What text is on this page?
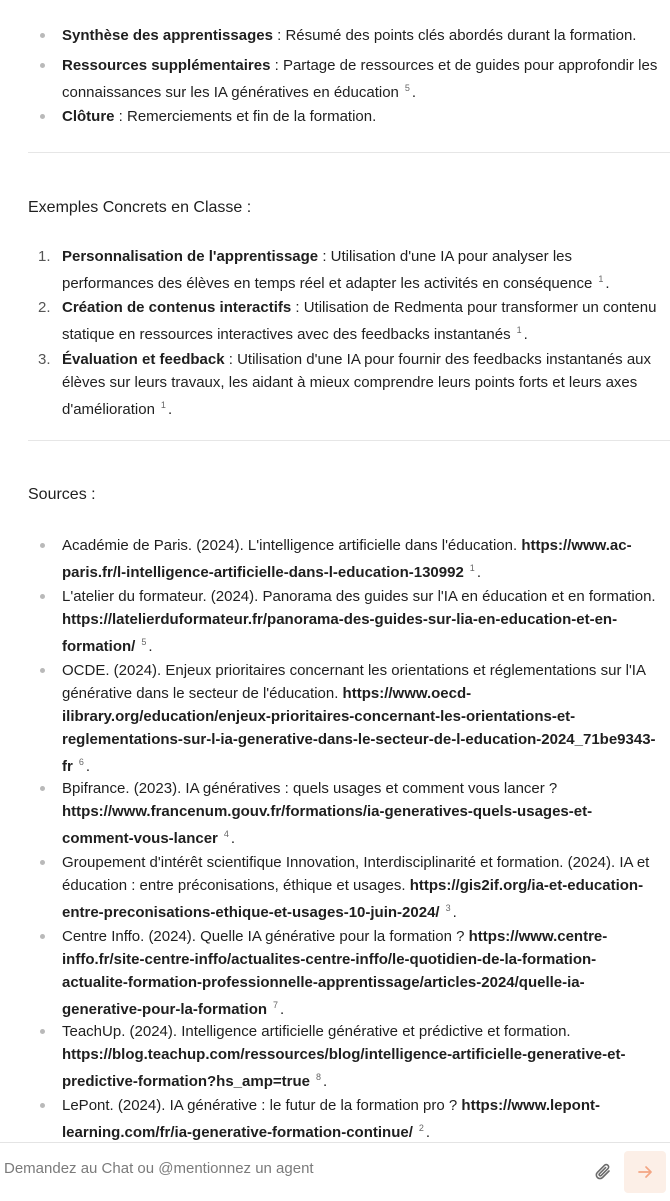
Synthèse des apprentissages : Résumé des points clés abordés durant la formation.
Ressources supplémentaires : Partage de ressources et de guides pour approfondir les connaissances sur les IA génératives en éducation $^5$ .
Clôture : Remerciements et fin de la formation.
Exemples Concrets en Classe :
1. Personnalisation de l'apprentissage : Utilisation d'une IA pour analyser les performances des élèves en temps réel et adapter les activités en conséquence $^1$ .
2. Création de contenus interactifs : Utilisation de Redmenta pour transformer un contenu statique en ressources interactives avec des feedbacks instantanés $^1$ .
3. Évaluation et feedback : Utilisation d'une IA pour fournir des feedbacks instantanés aux élèves sur leurs travaux, les aidant à mieux comprendre leurs points forts et leurs axes d'amélioration $^1$ .
Sources :
Académie de Paris. (2024). L'intelligence artificielle dans l'éducation. https://www.ac-paris.fr/l-intelligence-artificielle-dans-l-education-130992 $^1$ .
L'atelier du formateur. (2024). Panorama des guides sur l'IA en éducation et en formation. https://latelierduformateur.fr/panorama-des-guides-sur-lia-en-education-et-en-formation/ $^5$ .
OCDE. (2024). Enjeux prioritaires concernant les orientations et réglementations sur l'IA générative dans le secteur de l'éducation. https://www.oecd-ilibrary.org/education/enjeux-prioritaires-concernant-les-orientations-et-reglementations-sur-l-ia-generative-dans-le-secteur-de-l-education-2024_71be9343-fr $^6$ .
Bpifrance. (2023). IA génératives : quels usages et comment vous lancer ? https://www.francenum.gouv.fr/formations/ia-generatives-quels-usages-et-comment-vous-lancer $^4$ .
Groupement d'intérêt scientifique Innovation, Interdisciplinarité et formation. (2024). IA et éducation : entre préconisations, éthique et usages. https://gis2if.org/ia-et-education-entre-preconisations-ethique-et-usages-10-juin-2024/ $^3$ .
Centre Inffo. (2024). Quelle IA générative pour la formation ? https://www.centre-inffo.fr/site-centre-inffo/actualites-centre-inffo/le-quotidien-de-la-formation-actualite-formation-professionnelle-apprentissage/articles-2024/quelle-ia-generative-pour-la-formation $^7$ .
TeachUp. (2024). Intelligence artificielle générative et prédictive et formation. https://blog.teachup.com/ressources/blog/intelligence-artificielle-generative-et-predictive-formation?hs_amp=true $^8$ .
LePont. (2024). IA générative : le futur de la formation pro ? https://www.lepont-learning.com/fr/ia-generative-formation-continue/ $^2$ .
Demandez au Chat ou @mentionnez un agent
